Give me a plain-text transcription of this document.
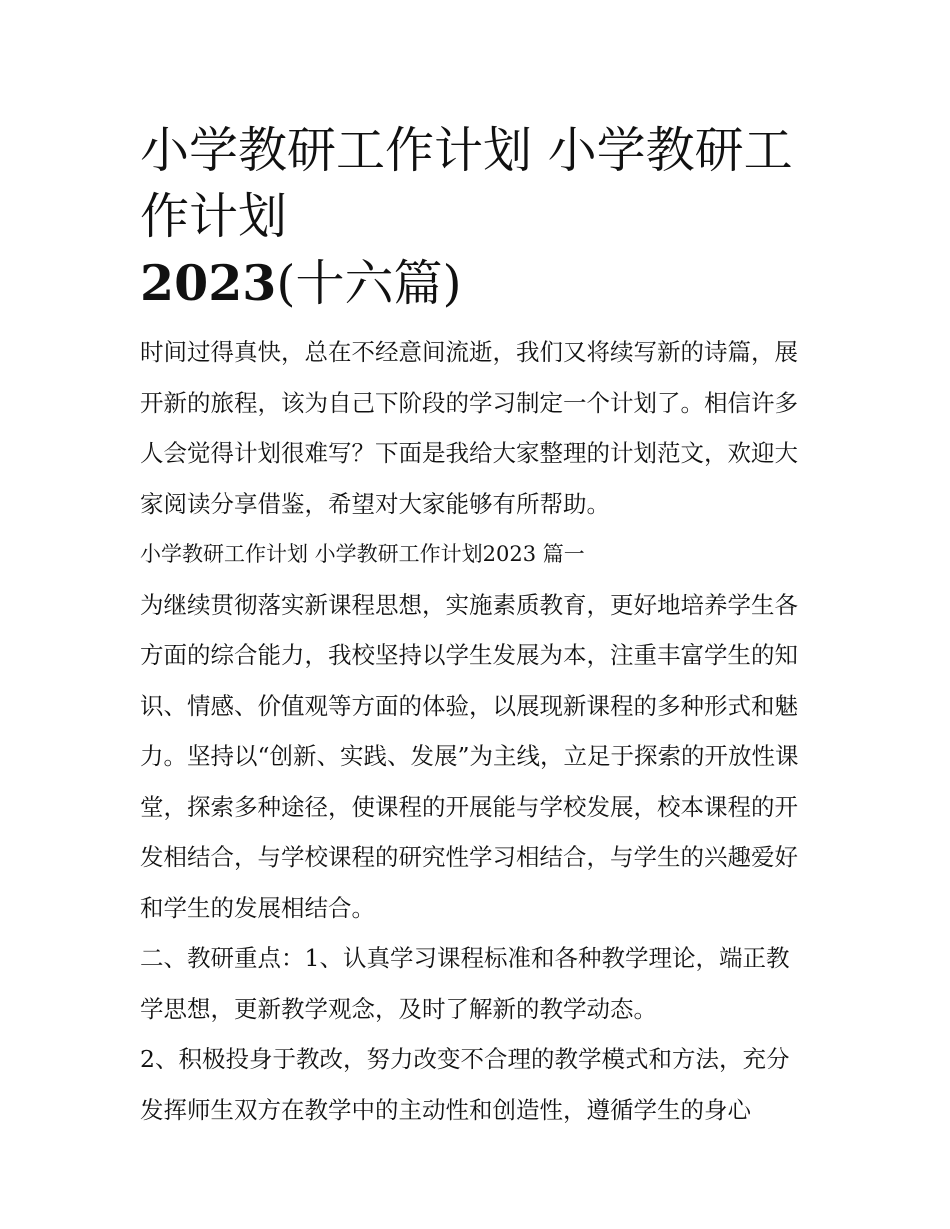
小学教研工作计划 小学教研工作计划
2023(十六篇)

时间过得真快，总在不经意间流逝，我们又将续写新的诗篇，展开新的旅程，该为自己下阶段的学习制定一个计划了。相信许多人会觉得计划很难写？下面是我给大家整理的计划范文，欢迎大家阅读分享借鉴，希望对大家能够有所帮助。

小学教研工作计划 小学教研工作计划2023 篇一

为继续贯彻落实新课程思想，实施素质教育，更好地培养学生各方面的综合能力，我校坚持以学生发展为本，注重丰富学生的知识、情感、价值观等方面的体验，以展现新课程的多种形式和魅力。坚持以“创新、实践、发展”为主线，立足于探索的开放性课堂，探索多种途径，使课程的开展能与学校发展，校本课程的开发相结合，与学校课程的研究性学习相结合，与学生的兴趣爱好和学生的发展相结合。

二、教研重点：1、认真学习课程标准和各种教学理论，端正教学思想，更新教学观念，及时了解新的教学动态。

2、积极投身于教改，努力改变不合理的教学模式和方法，充分发挥师生双方在教学中的主动性和创造性，遵循学生的身心
